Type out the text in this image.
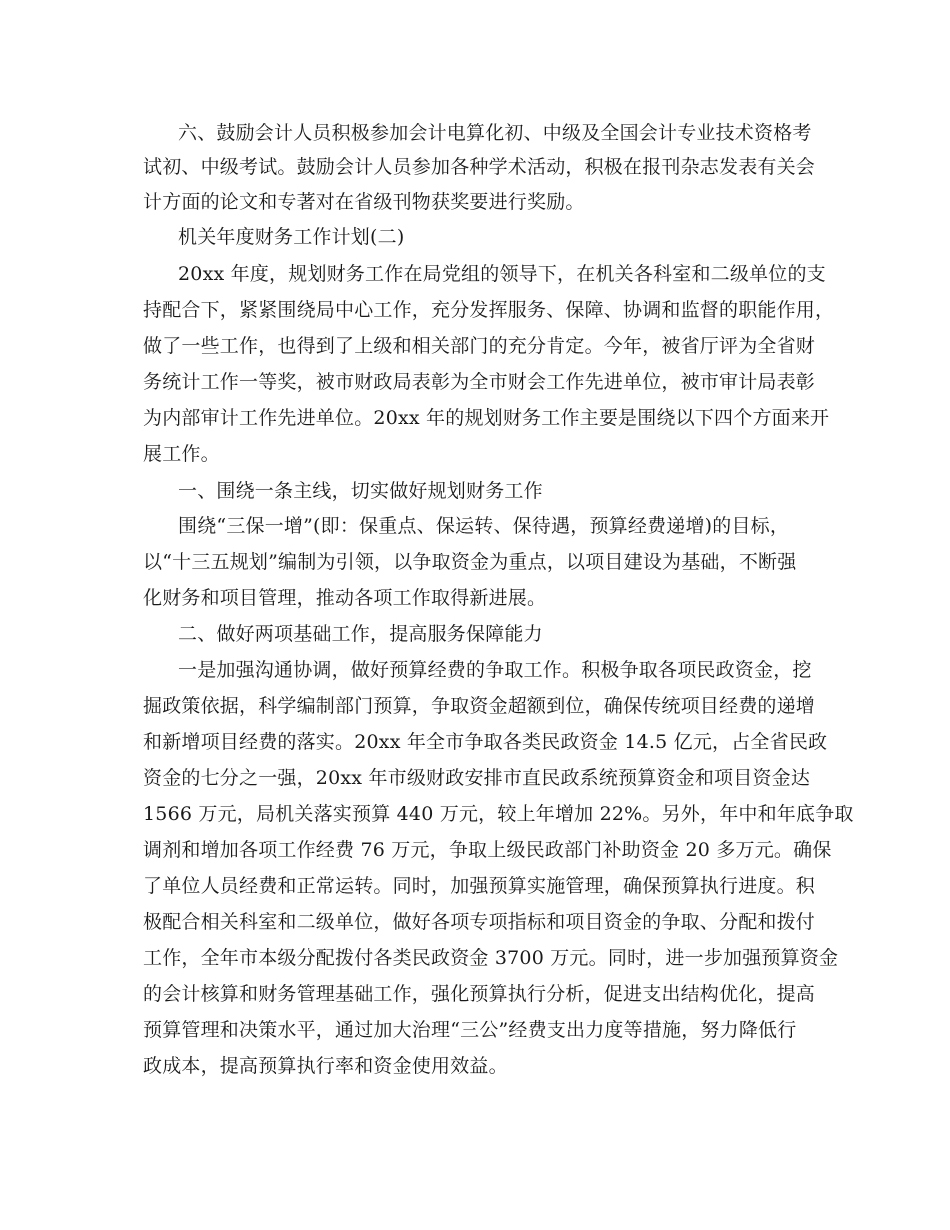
六、鼓励会计人员积极参加会计电算化初、中级及全国会计专业技术资格考
试初、中级考试。鼓励会计人员参加各种学术活动，积极在报刊杂志发表有关会
计方面的论文和专著对在省级刊物获奖要进行奖励。
机关年度财务工作计划(二)
20xx 年度，规划财务工作在局党组的领导下，在机关各科室和二级单位的支
持配合下，紧紧围绕局中心工作，充分发挥服务、保障、协调和监督的职能作用，
做了一些工作，也得到了上级和相关部门的充分肯定。今年，被省厅评为全省财
务统计工作一等奖，被市财政局表彰为全市财会工作先进单位，被市审计局表彰
为内部审计工作先进单位。20xx 年的规划财务工作主要是围绕以下四个方面来开
展工作。
一、围绕一条主线，切实做好规划财务工作
围绕“三保一增”(即：保重点、保运转、保待遇，预算经费递增)的目标，
以“十三五规划”编制为引领，以争取资金为重点，以项目建设为基础，不断强
化财务和项目管理，推动各项工作取得新进展。
二、做好两项基础工作，提高服务保障能力
一是加强沟通协调，做好预算经费的争取工作。积极争取各项民政资金，挖
掘政策依据，科学编制部门预算，争取资金超额到位，确保传统项目经费的递增
和新增项目经费的落实。20xx 年全市争取各类民政资金 14.5 亿元，占全省民政
资金的七分之一强，20xx 年市级财政安排市直民政系统预算资金和项目资金达
1566 万元，局机关落实预算 440 万元，较上年增加 22%。另外，年中和年底争取
调剂和增加各项工作经费 76 万元，争取上级民政部门补助资金 20 多万元。确保
了单位人员经费和正常运转。同时，加强预算实施管理，确保预算执行进度。积
极配合相关科室和二级单位，做好各项专项指标和项目资金的争取、分配和拨付
工作，全年市本级分配拨付各类民政资金 3700 万元。同时，进一步加强预算资金
的会计核算和财务管理基础工作，强化预算执行分析，促进支出结构优化，提高
预算管理和决策水平，通过加大治理“三公”经费支出力度等措施，努力降低行
政成本，提高预算执行率和资金使用效益。
